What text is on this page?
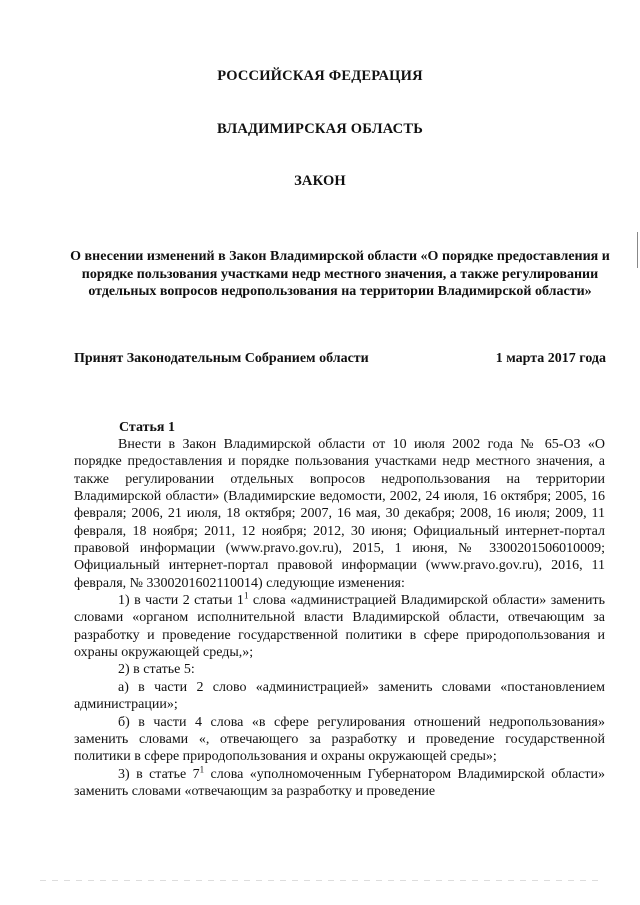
РОССИЙСКАЯ ФЕДЕРАЦИЯ
ВЛАДИМИРСКАЯ ОБЛАСТЬ
ЗАКОН
О внесении изменений в Закон Владимирской области «О порядке предоставления и порядке пользования участками недр местного значения, а также регулировании отдельных вопросов недропользования на территории Владимирской области»
Принят Законодательным Собранием области	1 марта 2017 года
Статья 1

Внести в Закон Владимирской области от 10 июля 2002 года № 65-ОЗ «О порядке предоставления и порядке пользования участками недр местного значения, а также регулировании отдельных вопросов недропользования на территории Владимирской области» (Владимирские ведомости, 2002, 24 июля, 16 октября; 2005, 16 февраля; 2006, 21 июля, 18 октября; 2007, 16 мая, 30 декабря; 2008, 16 июля; 2009, 11 февраля, 18 ноября; 2011, 12 ноября; 2012, 30 июня; Официальный интернет-портал правовой информации (www.pravo.gov.ru), 2015, 1 июня, № 3300201506010009; Официальный интернет-портал правовой информации (www.pravo.gov.ru), 2016, 11 февраля, № 3300201602110014) следующие изменения:

1) в части 2 статьи $1^1$ слова «администрацией Владимирской области» заменить словами «органом исполнительной власти Владимирской области, отвечающим за разработку и проведение государственной политики в сфере природопользования и охраны окружающей среды,»;

2) в статье 5:

а) в части 2 слово «администрацией» заменить словами «постановлением администрации»;

б) в части 4 слова «в сфере регулирования отношений недропользования» заменить словами «, отвечающего за разработку и проведение государственной политики в сфере природопользования и охраны окружающей среды»;

3) в статье $7^1$ слова «уполномоченным Губернатором Владимирской области» заменить словами «отвечающим за разработку и проведение
